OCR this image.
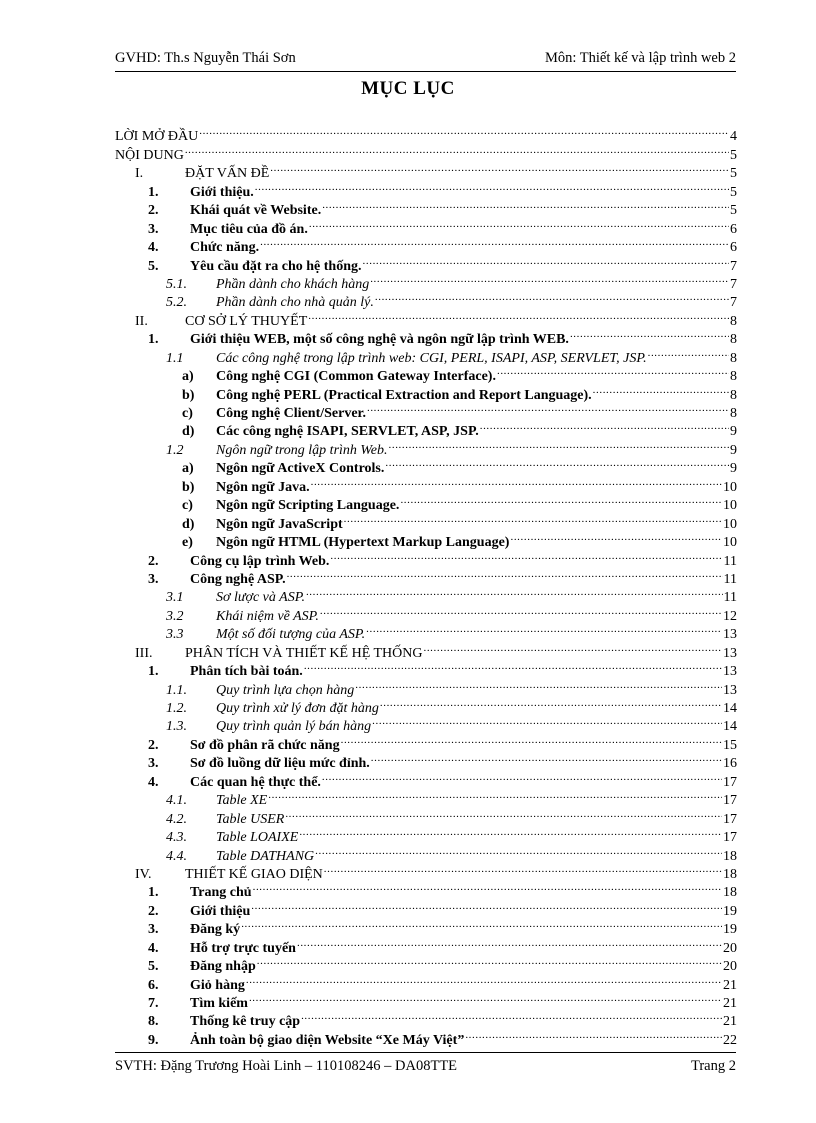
GVHD: Th.s Nguyễn Thái Sơn	Môn: Thiết kế và lập trình web 2
MỤC LỤC
LỜI MỞ ĐẦU .....	4
NỘI DUNG .....	5
I.	ĐẶT VẤN ĐỀ .....	5
1.	Giới thiệu. .....	5
2.	Khái quát về Website. .....	5
3.	Mục tiêu của đồ án. .....	6
4.	Chức năng. .....	6
5.	Yêu cầu đặt ra cho hệ thống. .....	7
5.1.	Phần dành cho khách hàng .....	7
5.2.	Phần dành cho nhà quản lý. .....	7
II.	CƠ SỞ LÝ THUYẾT .....	8
1.	Giới thiệu WEB, một số công nghệ và ngôn ngữ lập trình WEB. .....	8
1.1	Các công nghệ trong lập trình web: CGI, PERL, ISAPI, ASP, SERVLET, JSP. .....	8
a)	Công nghệ CGI (Common Gateway Interface). .....	8
b)	Công nghệ PERL (Practical Extraction and Report Language). .....	8
c)	Công nghệ Client/Server. .....	8
d)	Các công nghệ ISAPI, SERVLET, ASP, JSP. .....	9
1.2	Ngôn ngữ trong lập trình Web. .....	9
a)	Ngôn ngữ ActiveX Controls. .....	9
b)	Ngôn ngữ Java. .....	10
c)	Ngôn ngữ Scripting Language. .....	10
d)	Ngôn ngữ JavaScript .....	10
e)	Ngôn ngữ HTML (Hypertext Markup Language) .....	10
2.	Công cụ lập trình Web. .....	11
3.	Công nghệ ASP. .....	11
3.1	Sơ lược và ASP. .....	11
3.2	Khái niệm về ASP. .....	12
3.3	Một số đối tượng của ASP. .....	13
III.	PHÂN TÍCH VÀ THIẾT KẾ HỆ THỐNG .....	13
1.	Phân tích bài toán. .....	13
1.1.	Quy trình lựa chọn hàng .....	13
1.2.	Quy trình xử lý đơn đặt hàng .....	14
1.3.	Quy trình quản lý bán hàng .....	14
2.	Sơ đồ phân rã chức năng .....	15
3.	Sơ đồ luồng dữ liệu mức đỉnh. .....	16
4.	Các quan hệ thực thể. .....	17
4.1.	Table XE .....	17
4.2.	Table USER .....	17
4.3.	Table LOAIXE .....	17
4.4.	Table DATHANG .....	18
IV.	THIẾT KẾ GIAO DIỆN .....	18
1.	Trang chủ .....	18
2.	Giới thiệu .....	19
3.	Đăng ký .....	19
4.	Hỗ trợ trực tuyến .....	20
5.	Đăng nhập .....	20
6.	Giỏ hàng .....	21
7.	Tìm kiếm .....	21
8.	Thống kê truy cập .....	21
9.	Ảnh toàn bộ giao diện Website “Xe Máy Việt” .....	22
SVTH: Đặng Trương Hoài Linh – 110108246 – DA08TTE	Trang 2
